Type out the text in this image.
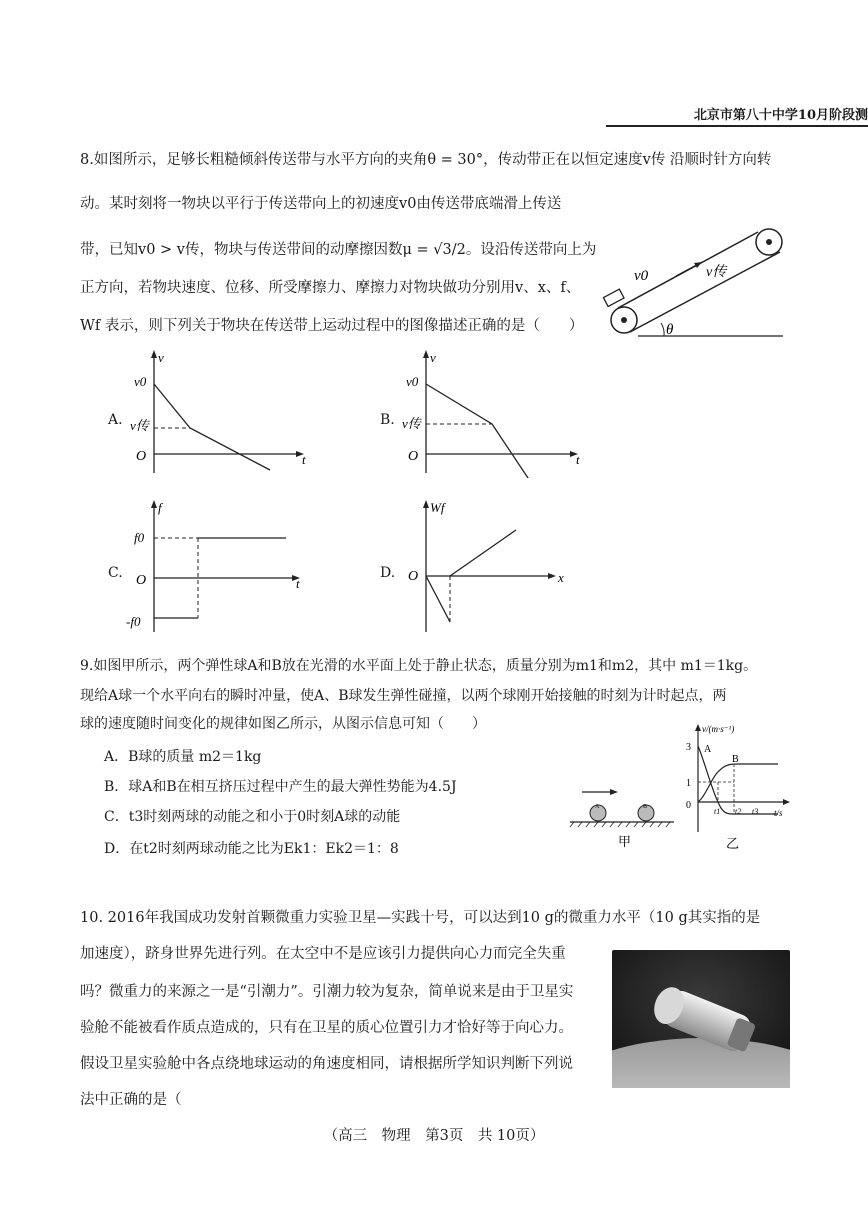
北京市第八十中学10月阶段测
8.如图所示，足够长粗糙倾斜传送带与水平方向的夹角θ = 30°，传动带正在以恒定速度v传 沿顺时针方向转
动。某时刻将一物块以平行于传送带向上的初速度v0由传送带底端滑上传送
带，已知v0 > v传，物块与传送带间的动摩擦因数μ = √3/2。设沿传送带向上为
正方向，若物块速度、位移、所受摩擦力、摩擦力对物块做功分别用v、x、f、
Wf 表示，则下列关于物块在传送带上运动过程中的图像描述正确的是（　　）
v0	v传
θ
A.
v
t
v0
v传
O
B.
v
t
v0
v传
O
C.
f
t
f0
-f0
O	D.
Wf
x
O
9.如图甲所示，两个弹性球A和B放在光滑的水平面上处于静止状态，质量分别为m1和m2，其中 m1＝1kg。
现给A球一个水平向右的瞬时冲量，使A、B球发生弹性碰撞，以两个球刚开始接触的时刻为计时起点，两
球的速度随时间变化的规律如图乙所示，从图示信息可知（　　）
A．B球的质量 m2＝1kg
B．球A和B在相互挤压过程中产生的最大弹性势能为4.5J
C．t3时刻两球的动能之和小于0时刻A球的动能
D．在t2时刻两球动能之比为Ek1：Ek2＝1：8
A	B
甲
v/(m·s⁻¹)
t/s
3
1
0
t1 t2 t3
A
B
乙
10. 2016年我国成功发射首颗微重力实验卫星—实践十号，可以达到10 g的微重力水平（10 g其实指的是
加速度），跻身世界先进行列。在太空中不是应该引力提供向心力而完全失重
吗？微重力的来源之一是“引潮力”。引潮力较为复杂，简单说来是由于卫星实
验舱不能被看作质点造成的，只有在卫星的质心位置引力才恰好等于向心力。
假设卫星实验舱中各点绕地球运动的角速度相同，请根据所学知识判断下列说
法中正确的是（
（高三　物理　第3页　共 10页）
